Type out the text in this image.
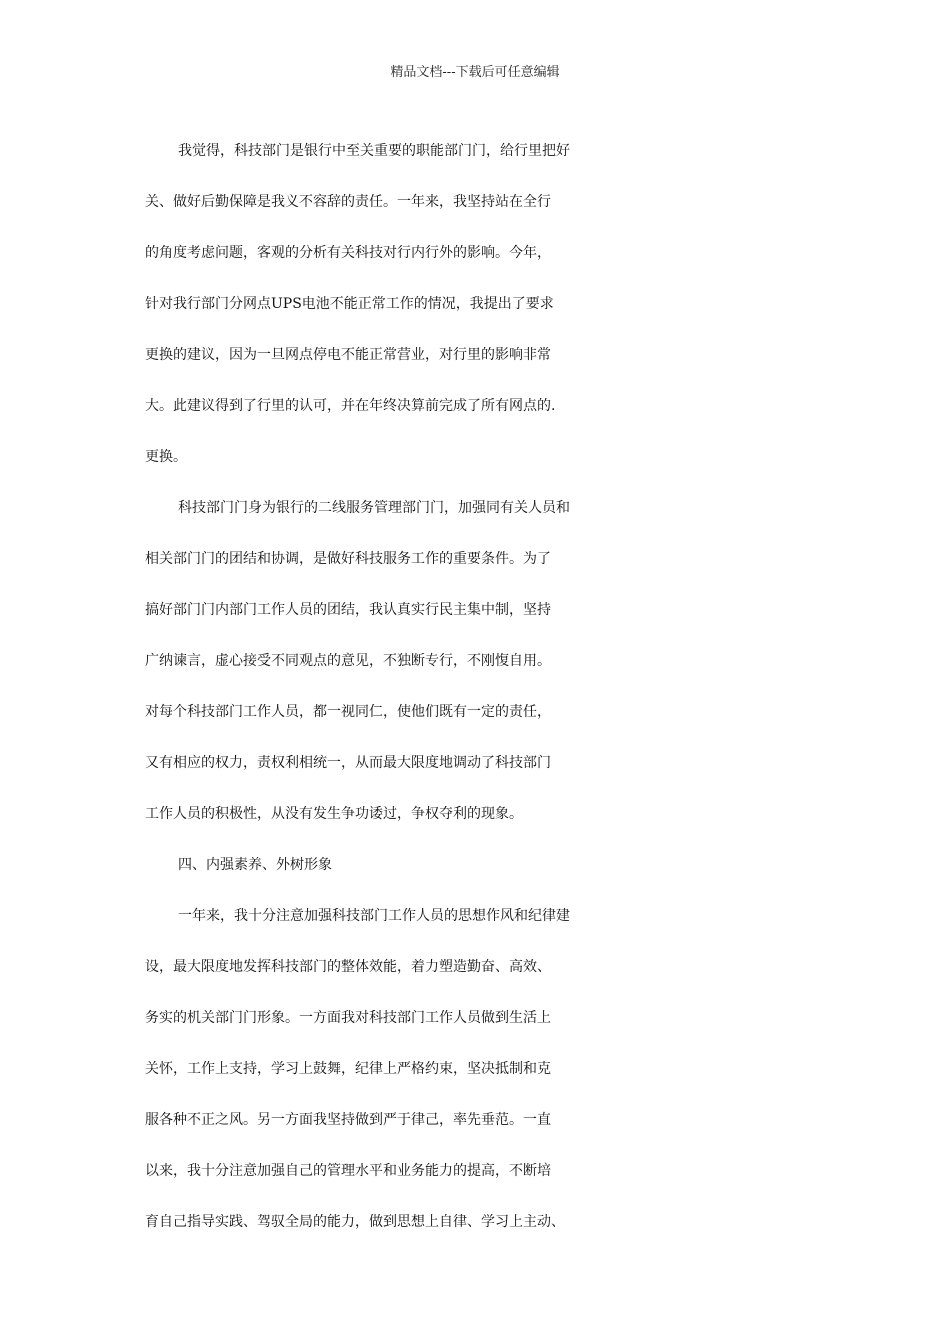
精品文档---下载后可任意编辑
我觉得，科技部门是银行中至关重要的职能部门门，给行里把好
关、做好后勤保障是我义不容辞的责任。一年来，我坚持站在全行
的角度考虑问题，客观的分析有关科技对行内行外的影响。今年，
针对我行部门分网点UPS电池不能正常工作的情况，我提出了要求
更换的建议，因为一旦网点停电不能正常营业，对行里的影响非常
大。此建议得到了行里的认可，并在年终决算前完成了所有网点的.
更换。
科技部门门身为银行的二线服务管理部门门，加强同有关人员和
相关部门门的团结和协调，是做好科技服务工作的重要条件。为了
搞好部门门内部门工作人员的团结，我认真实行民主集中制，坚持
广纳谏言，虚心接受不同观点的意见，不独断专行，不刚愎自用。
对每个科技部门工作人员，都一视同仁，使他们既有一定的责任，
又有相应的权力，责权利相统一，从而最大限度地调动了科技部门
工作人员的积极性，从没有发生争功诿过，争权夺利的现象。
四、内强素养、外树形象
一年来，我十分注意加强科技部门工作人员的思想作风和纪律建
设，最大限度地发挥科技部门的整体效能，着力塑造勤奋、高效、
务实的机关部门门形象。一方面我对科技部门工作人员做到生活上
关怀，工作上支持，学习上鼓舞，纪律上严格约束，坚决抵制和克
服各种不正之风。另一方面我坚持做到严于律己，率先垂范。一直
以来，我十分注意加强自己的管理水平和业务能力的提高，不断培
育自己指导实践、驾驭全局的能力，做到思想上自律、学习上主动、
